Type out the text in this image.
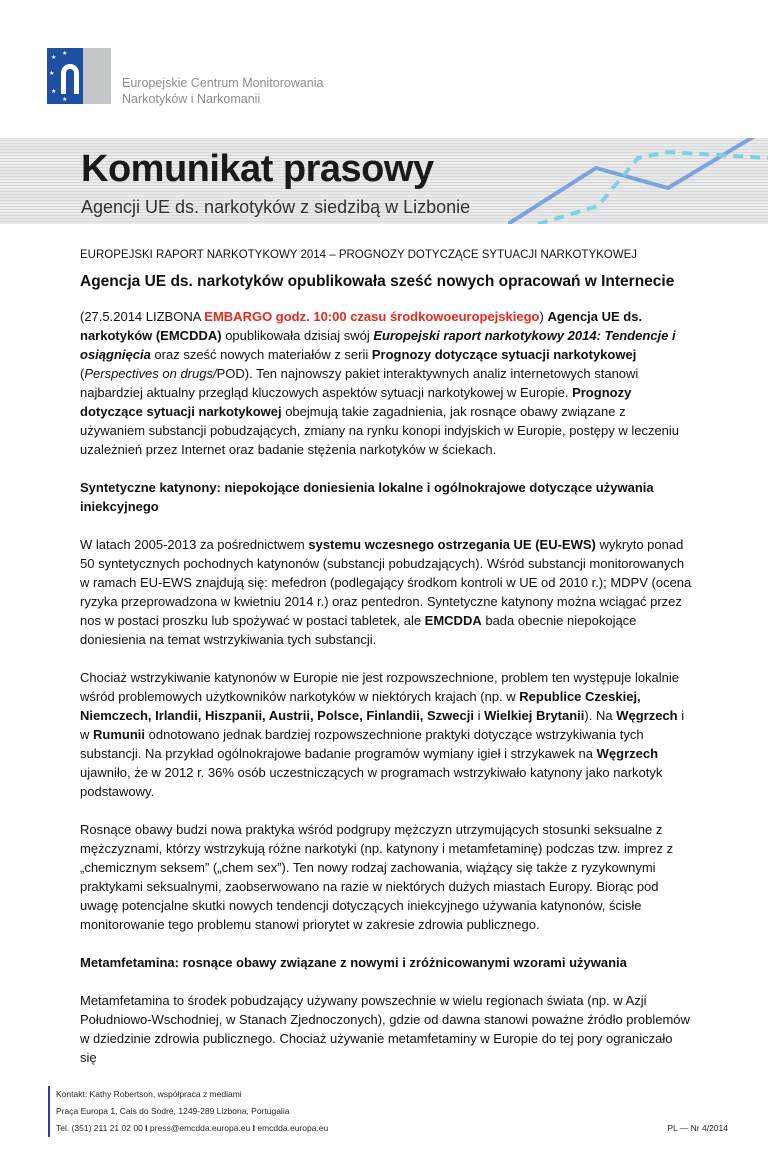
★
★
★
★
★
Europejskie Centrum Monitorowania
Narkotyków i Narkomanii
Komunikat prasowy
Agencji UE ds. narkotyków z siedzibą w Lizbonie
EUROPEJSKI RAPORT NARKOTYKOWY 2014 – PROGNOZY DOTYCZĄCE SYTUACJI NARKOTYKOWEJ
Agencja UE ds. narkotyków opublikowała sześć nowych opracowań w Internecie

(27.5.2014 LIZBONA EMBARGO godz. 10:00 czasu środkowoeuropejskiego) Agencja UE ds. narkotyków (EMCDDA) opublikowała dzisiaj swój Europejski raport narkotykowy 2014: Tendencje i osiągnięcia oraz sześć nowych materiałów z serii Prognozy dotyczące sytuacji narkotykowej (Perspectives on drugs/POD). Ten najnowszy pakiet interaktywnych analiz internetowych stanowi najbardziej aktualny przegląd kluczowych aspektów sytuacji narkotykowej w Europie. Prognozy dotyczące sytuacji narkotykowej obejmują takie zagadnienia, jak rosnące obawy związane z używaniem substancji pobudzających, zmiany na rynku konopi indyjskich w Europie, postępy w leczeniu uzależnień przez Internet oraz badanie stężenia narkotyków w ściekach.

Syntetyczne katynony: niepokojące doniesienia lokalne i ogólnokrajowe dotyczące używania iniekcyjnego

W latach 2005-2013 za pośrednictwem systemu wczesnego ostrzegania UE (EU-EWS) wykryto ponad 50 syntetycznych pochodnych katynonów (substancji pobudzających). Wśród substancji monitorowanych w ramach EU-EWS znajdują się: mefedron (podlegający środkom kontroli w UE od 2010 r.); MDPV (ocena ryzyka przeprowadzona w kwietniu 2014 r.) oraz pentedron. Syntetyczne katynony można wciągać przez nos w postaci proszku lub spożywać w postaci tabletek, ale EMCDDA bada obecnie niepokojące doniesienia na temat wstrzykiwania tych substancji.

Chociaż wstrzykiwanie katynonów w Europie nie jest rozpowszechnione, problem ten występuje lokalnie wśród problemowych użytkowników narkotyków w niektórych krajach (np. w Republice Czeskiej, Niemczech, Irlandii, Hiszpanii, Austrii, Polsce, Finlandii, Szwecji i Wielkiej Brytanii). Na Węgrzech i w Rumunii odnotowano jednak bardziej rozpowszechnione praktyki dotyczące wstrzykiwania tych substancji. Na przykład ogólnokrajowe badanie programów wymiany igieł i strzykawek na Węgrzech ujawniło, że w 2012 r. 36% osób uczestniczących w programach wstrzykiwało katynony jako narkotyk podstawowy.

Rosnące obawy budzi nowa praktyka wśród podgrupy mężczyzn utrzymujących stosunki seksualne z mężczyznami, którzy wstrzykują różne narkotyki (np. katynony i metamfetaminę) podczas tzw. imprez z „chemicznym seksem” („chem sex”). Ten nowy rodzaj zachowania, wiążący się także z ryzykownymi praktykami seksualnymi, zaobserwowano na razie w niektórych dużych miastach Europy. Biorąc pod uwagę potencjalne skutki nowych tendencji dotyczących iniekcyjnego używania katynonów, ścisłe monitorowanie tego problemu stanowi priorytet w zakresie zdrowia publicznego.

Metamfetamina: rosnące obawy związane z nowymi i zróżnicowanymi wzorami używania

Metamfetamina to środek pobudzający używany powszechnie w wielu regionach świata (np. w Azji Południowo-Wschodniej, w Stanach Zjednoczonych), gdzie od dawna stanowi poważne źródło problemów w dziedzinie zdrowia publicznego. Chociaż używanie metamfetaminy w Europie do tej pory ograniczało się

Kontakt: Kathy Robertson, współpraca z mediami
Praça Europa 1, Cais do Sodré, 1249-289 Lizbona, Portugalia
Tel. (351) 211 21 02 00 I press@emcdda.europa.eu I emcdda.europa.eu	PL — Nr 4/2014
